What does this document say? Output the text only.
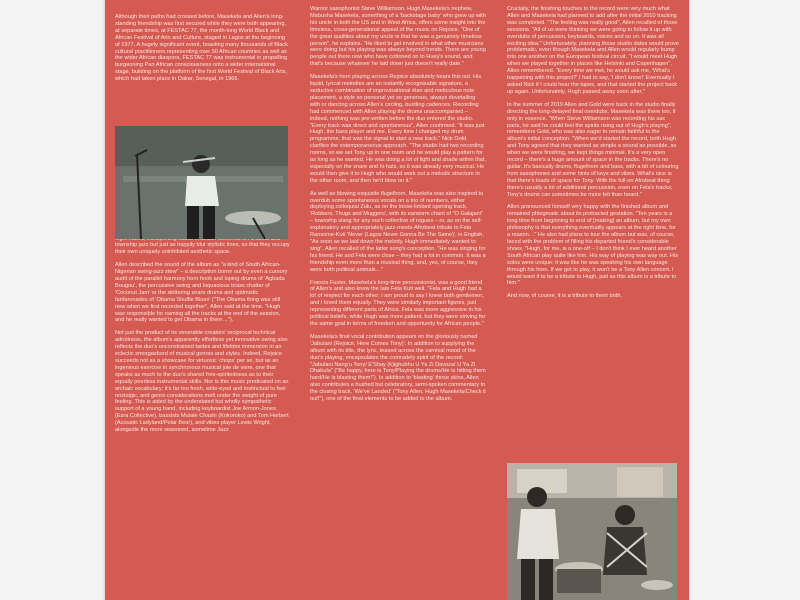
Although their paths had crossed before, Masekela and Allen's long-standing friendship was first secured while they were both appearing, at separate times, at FESTAC 77, the month-long World Black and African Festival of Arts and Culture, staged in Lagos at the beginning of 1977. A hugely significant event, boasting many thousands of Black cultural practitioners representing over 50 African countries as well as the wider African diaspora, FESTAC 77 was instrumental in propelling burgeoning Pan African consciousness onto a wider international stage, building on the platform of the first World Festival of Black Arts, which had taken place in Dakar, Senegal, in 1966.

township jazz but just as happily blur stylistic lines, so that they occupy their own uniquely uninhibited aesthetic space.

Allen described the sound of the album as "a kind of South African-Nigerian swing-jazz stew" – a description borne out by even a cursory audit of the parallel harmony horn hook and loping drums of 'Agbada Bougou', the percussive swing and loquacious brass chatter of 'Coconut Jam' or the skittering snare drums and optimistic fanfaronades of 'Obama Shuffle Blues' ("The Obama thing was still new when we first recorded together", Allen said at the time. "Hugh was responsible for naming all the tracks at the end of the session, and he really wanted to get Obama in there…").

Not just the product of its venerable creators' reciprocal technical adroitness, the album's apparently effortless yet innovative swing also reflects the duo's unconstrained tastes and lifetime immersion in an eclectic smorgasbord of musical genres and styles. Indeed, Rejoice succeeds not as a showcase for virtuosic 'chops' per se, but as an ingenious exercise in synchronous musical joie de vivre, one that speaks as much to the duo's shared free-spiritedness as to their equally peerless instrumental skills. Nor is this music predicated on an archaic vocabulary; it's far too fresh, wide-eyed and instinctual to feel nostalgic, and genre considerations melt under the weight of pure feeling. This is aided by the understated but wholly sympathetic support of a young band, including keyboardist Joe Armon-Jones (Ezra Collective), bassists Mutale Chashi (Kokoroko) and Tom Herbert (Acoustic Ladyland/Polar Bear), and vibes player Lewis Wright, alongside the more seasoned, sometime Jazz

Warrior saxophonist Steve Williamson. Hugh Masekela's nephew, Mabusha Masekela, something of a 'backstage baby' who grew up with his uncle in both the US and in West Africa, offers some insight into the timeless, cross-generational appeal of the music on Rejoice. "One of the great qualities about my uncle is that he was a genuinely timeless person", he explains. "He liked to get involved in what other musicians were doing but his playing was always beyond trends. There are young people out there now who have cottoned on to Huey's sound, and that's because whatever he laid down just doesn't really date."

Masekela's horn playing across Rejoice absolutely bears this out. His liquid, lyrical melodies are an instantly recognisable signature, a seductive combination of improvisational élan and meticulous note placement, a style so personal yet so generous, always dovetailing with or dancing across Allen's circling, bustling cadences. Recording had commenced with Allen playing the drums unaccompanied – indeed, nothing was pre-written before the duo entered the studio. "Every track was direct and spontaneous", Allen confirmed. "It was just Hugh, the bass player and me. Every time I changed my drum programme, that was the signal to start a new track." Nick Gold clarifies the extemporaneous approach. "The studio had two recording rooms, so we set Tony up in one room and he would play a pattern for as long as he wanted. He was doing a lot of light and shade within that, especially on the snare and hi-hats, so it was already very musical. He would then give it to Hugh who would work out a melodic structure in the other room, and then he'd blow on it."

As well as blowing exquisite flugelhorn, Masekela was also inspired to overdub some spontaneous vocals on a trio of numbers, either deploying colloquial Zulu, as on the loose-limbed opening track, 'Robbers, Thugs and Muggers', with its earworm chant of "O Galajani" – township slang for any such collective of rogues – or, as on the self-explanatory and appropriately jazz-meets-Afrobeat tribute to Fela Ransome-Kuti 'Never (Lagos Never Gonna Be The Same)', in English. "As soon as we laid down the melody, Hugh immediately wanted to sing", Allen recalled of the latter song's conception. "He was singing for his friend. He and Fela were close – they had a lot in common. It was a friendship even more than a musical thing, and, yes, of course, they were both political animals…"

Francis Fuster, Masekela's long-time percussionist, was a good friend of Allen's and also knew the late Fela Kuti well. "Fela and Hugh had a lot of respect for each other; I am proud to say I knew both gentlemen, and I loved them equally. They were similarly important figures, just representing different parts of Africa. Fela was more aggressive in his political beliefs, while Hugh was more patient, but they were striving for the same goal in terms of freedom and opportunity for African people."

Masekela's final vocal contribution appears on the gloriously named 'Jabulani (Rejoice, Here Comes Tony)'. In addition to supplying the album with its title, the lyric, teased across the carnival mood of the duo's playing, encapsulates the comradely spirit of the record: "Jabulani Nang'u Tony/ E'Shay (k)ighubhu U Ya Zi Davoza/ U Ya Zi Dhabula" ("Be happy, here is Tony/Playing the drums/He is hitting them hard/He is blasting them!"). In addition to 'blasting' those skins, Allen also contributes a hushed but celebratory, semi-spoken commentary to the closing track, 'We've Landed' ("Tony Allen, Hugh Masekela/Check it out!"), one of the final elements to be added to the album.

Crucially, the finishing touches to the record were very much what Allen and Masekela had planned to add after the initial 2010 tracking was completed. "The feeling was really good", Allen recalled of those sessions. "All of us were thinking we were going to follow it up with overdubs of percussion, keyboards, voices and so on. It was all exciting idea." Unfortunately, planning those studio dates would prove problematic, even though Masekela and Allen would regularly bump into one another on the European festival circuit. "I would meet Hugh when we played together in places like Helsinki and Copenhagen", Allen remembered. "Every time we met, he would ask me, 'What's happening with this project?' I had to say, 'I don't know!' Eventually I asked Nick if I could hear the tapes, and that started the project back up again. Unfortunately, Hugh passed away soon after."

In the summer of 2019 Allen and Gold were back in the studio finally directing the long-delayed final overdubs. Masekela was there too, if only in essence. "When Steve Williamson was recording his sax parts, he said he could feel the spirits rising out of Hugh's playing", remembers Gold, who was also eager to remain faithful to the album's initial conception. "When we'd started the record, both Hugh and Tony agreed that they wanted as simple a sound as possible, so when we were finishing, we kept things minimal. It's a very open record – there's a huge amount of space in the tracks. There's no guitar. It's basically drums, flugelhorn and bass, with a bit of colouring from saxophones and some hints of keys and vibes. What's nice is that there's loads of space for Tony. With the full-on Afrobeat thing there's usually a lot of additional percussion, even on Fela's tracks; Tony's drums can sometimes be more felt than heard."

Allen pronounced himself very happy with the finished album and remained phlegmatic about its protracted gestation. "Ten years is a long time from beginning to end of [making] an album, but my own philosophy is that everything eventually appears at the right time, for a reason…" He also had plans to tour the album but was, of course, faced with the problem of filling his departed friend's considerable shoes. "Hugh, for me, is a one-off – I don't think I ever heard another South African play quite like him. His way of playing was way out. His solos were unique; it was like he was speaking his own language through his horn. If we get to play, it won't be a Tony Allen concert. I would want it to be a tribute to Hugh, just as this album is a tribute to him."

And now, of course, it is a tribute to them both.
